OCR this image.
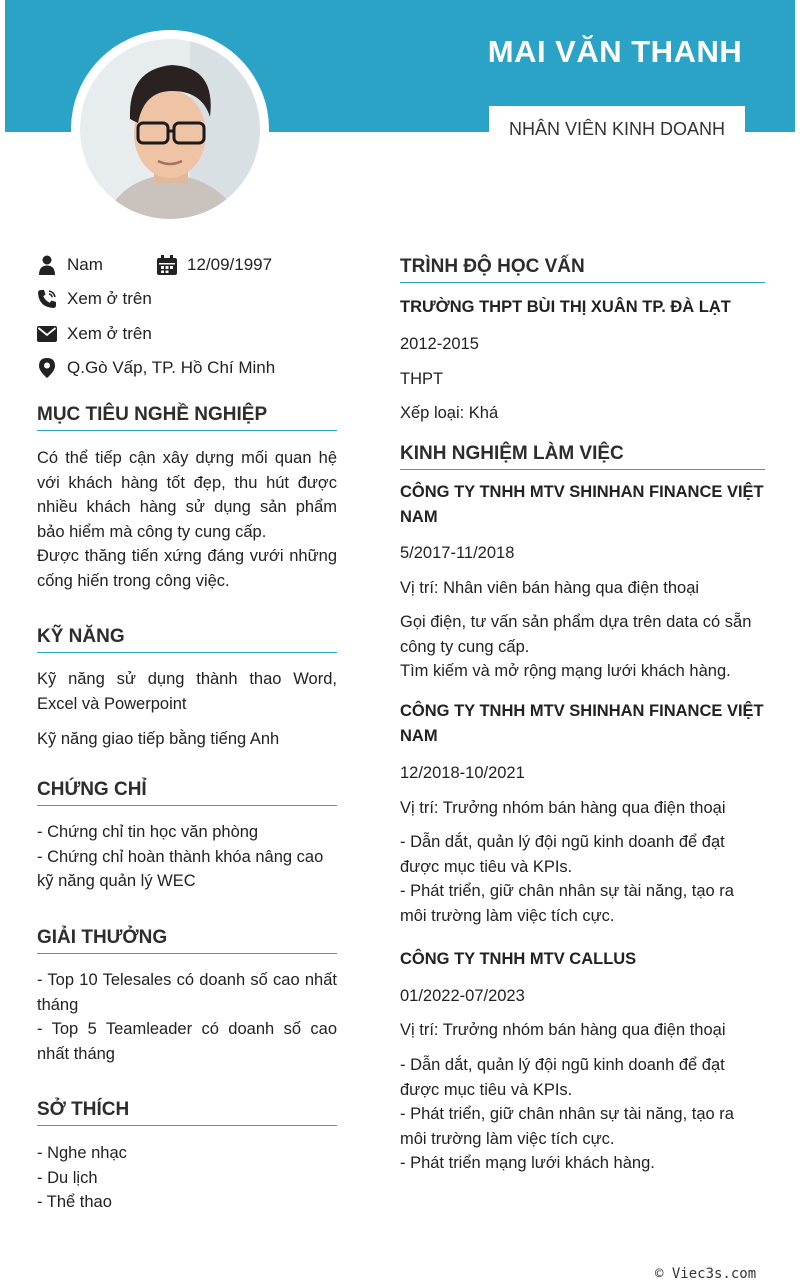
MAI VĂN THANH
NHÂN VIÊN KINH DOANH
Nam	12/09/1997
Xem ở trên
Xem ở trên
Q.Gò Vấp, TP. Hồ Chí Minh
MỤC TIÊU NGHỀ NGHIỆP
Có thể tiếp cận xây dựng mối quan hệ với khách hàng tốt đẹp, thu hút được nhiều khách hàng sử dụng sản phẩm bảo hiểm mà công ty cung cấp.
Được thăng tiến xứng đáng vưới những cống hiến trong công việc.
KỸ NĂNG
Kỹ năng sử dụng thành thao Word, Excel và Powerpoint
Kỹ năng giao tiếp bằng tiếng Anh
CHỨNG CHỈ
- Chứng chỉ tin học văn phòng
- Chứng chỉ hoàn thành khóa nâng cao kỹ năng quản lý WEC
GIẢI THƯỞNG
- Top 10 Telesales có doanh số cao nhất tháng
- Top 5 Teamleader có doanh số cao nhất tháng
SỞ THÍCH
- Nghe nhạc
- Du lịch
- Thể thao
TRÌNH ĐỘ HỌC VẤN
TRƯỜNG THPT BÙI THỊ XUÂN TP. ĐÀ LẠT
2012-2015
THPT
Xếp loại: Khá
KINH NGHIỆM LÀM VIỆC
CÔNG TY TNHH MTV SHINHAN FINANCE VIỆT NAM
5/2017-11/2018
Vị trí: Nhân viên bán hàng qua điện thoại
Gọi điện, tư vấn sản phẩm dựa trên data có sẵn công ty cung cấp.
Tìm kiếm và mở rộng mạng lưới khách hàng.
CÔNG TY TNHH MTV SHINHAN FINANCE VIỆT NAM
12/2018-10/2021
Vị trí: Trưởng nhóm bán hàng qua điện thoại
- Dẫn dắt, quản lý đội ngũ kinh doanh để đạt được mục tiêu và KPIs.
- Phát triển, giữ chân nhân sự tài năng, tạo ra môi trường làm việc tích cực.
CÔNG TY TNHH MTV CALLUS
01/2022-07/2023
Vị trí: Trưởng nhóm bán hàng qua điện thoại
- Dẫn dắt, quản lý đội ngũ kinh doanh để đạt được mục tiêu và KPIs.
- Phát triển, giữ chân nhân sự tài năng, tạo ra môi trường làm việc tích cực.
- Phát triển mạng lưới khách hàng.
© Viec3s.com
